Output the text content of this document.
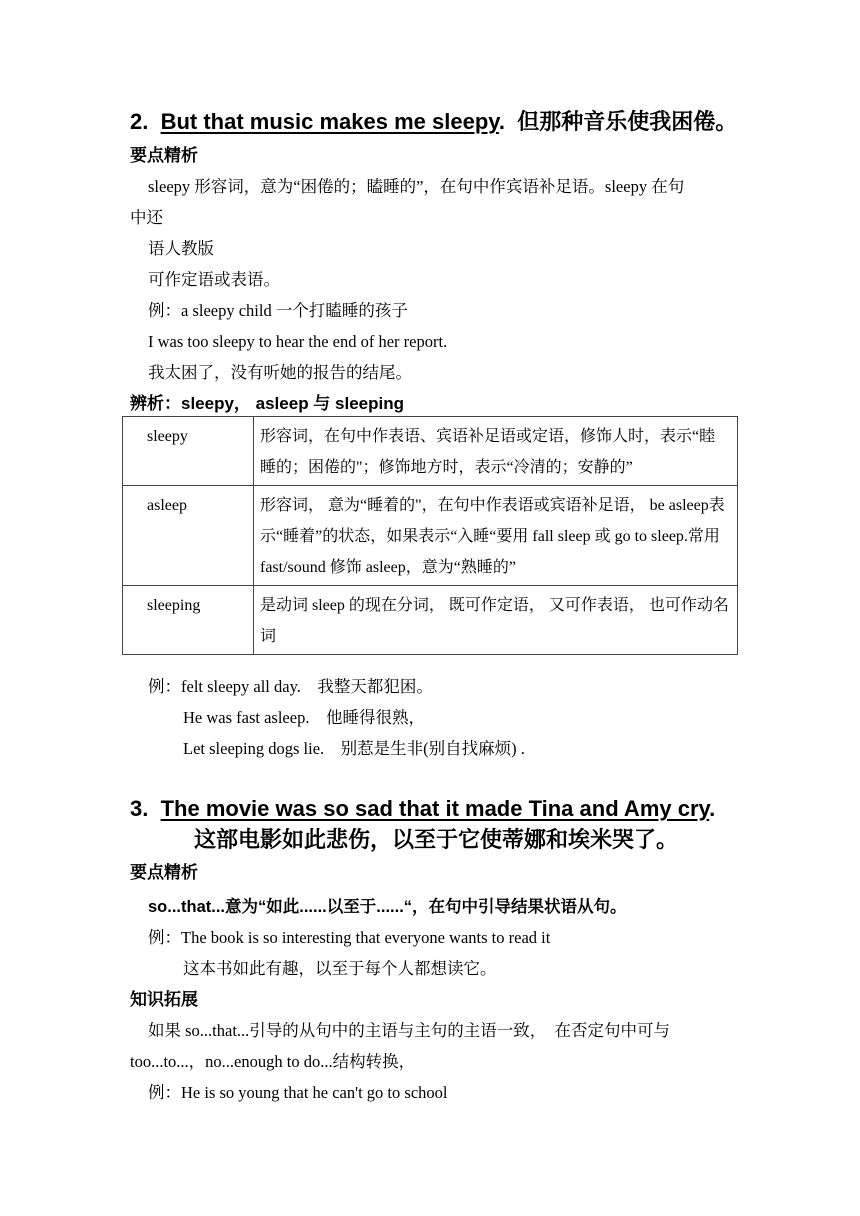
2. But that music makes me sleepy. 但那种音乐使我困倦。
要点精析
sleepy 形容词，意为“困倦的；瞌睡的”，在句中作宾语补足语。sleepy 在句
中还
语人教版
可作定语或表语。
例：a sleepy child 一个打瞌睡的孩子
I was too sleepy to hear the end of her report.
我太困了，没有听她的报告的结尾。
辨析：sleepy， asleep 与 sleeping
sleepy	形容词，在句中作表语、宾语补足语或定语，修饰人时，表示“睦睡的；困倦的"；修饰地方时，表示“冷清的；安静的”
asleep	形容词， 意为“睡着的"，在句中作表语或宾语补足语， be asleep表示“睡着”的状态，如果表示“入睡“要用 fall sleep 或 go to sleep.常用 fast/sound 修饰 asleep，意为“熟睡的”
sleeping	是动词 sleep 的现在分词， 既可作定语， 又可作表语， 也可作动名词
例：felt sleepy all day.　我整天都犯困。
He was fast asleep.　他睡得很熟，
Let sleeping dogs lie.　别惹是生非(别自找麻烦) .
3. The movie was so sad that it made Tina and Amy cry.
这部电影如此悲伤，以至于它使蒂娜和埃米哭了。
要点精析
so...that...意为“如此......以至于......“，在句中引导结果状语从句。
例：The book is so interesting that everyone wants to read it
这本书如此有趣，以至于每个人都想读它。
知识拓展
如果 so...that...引导的从句中的主语与主句的主语一致，　在否定句中可与
too...to...，no...enough to do...结构转换，
例：He is so young that he can't go to school
